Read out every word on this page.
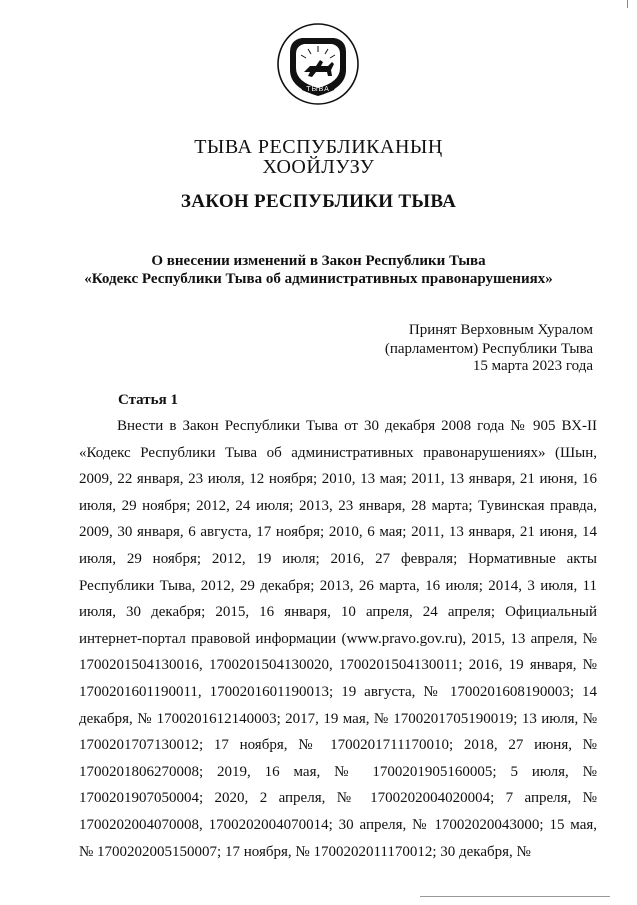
ТЫВА
ТЫВА РЕСПУБЛИКАНЫҢ
ХООЙЛУЗУ
ЗАКОН РЕСПУБЛИКИ ТЫВА
О внесении изменений в Закон Республики Тыва
«Кодекс Республики Тыва об административных правонарушениях»
Принят Верховным Хуралом
(парламентом) Республики Тыва
15 марта 2023 года
Статья 1

Внести в Закон Республики Тыва от 30 декабря 2008 года № 905 ВХ-II «Кодекс Республики Тыва об административных правонарушениях» (Шын, 2009, 22 января, 23 июля, 12 ноября; 2010, 13 мая; 2011, 13 января, 21 июня, 16 июля, 29 ноября; 2012, 24 июля; 2013, 23 января, 28 марта; Тувинская правда, 2009, 30 января, 6 августа, 17 ноября; 2010, 6 мая; 2011, 13 января, 21 июня, 14 июля, 29 ноября; 2012, 19 июля; 2016, 27 февраля; Нормативные акты Республики Тыва, 2012, 29 декабря; 2013, 26 марта, 16 июля; 2014, 3 июля, 11 июля, 30 декабря; 2015, 16 января, 10 апреля, 24 апреля; Официальный интернет-портал правовой информации (www.pravo.gov.ru), 2015, 13 апреля, № 1700201504130016, 1700201504130020, 1700201504130011; 2016, 19 января, № 1700201601190011, 1700201601190013; 19 августа, № 1700201608190003; 14 декабря, № 1700201612140003; 2017, 19 мая, № 1700201705190019; 13 июля, № 1700201707130012; 17 ноября, № 1700201711170010; 2018, 27 июня, № 1700201806270008; 2019, 16 мая, № 1700201905160005; 5 июля, № 1700201907050004; 2020, 2 апреля, № 1700202004020004; 7 апреля, № 1700202004070008, 1700202004070014; 30 апреля, № 17002020043000; 15 мая, № 1700202005150007; 17 ноября, № 1700202011170012; 30 декабря, №
